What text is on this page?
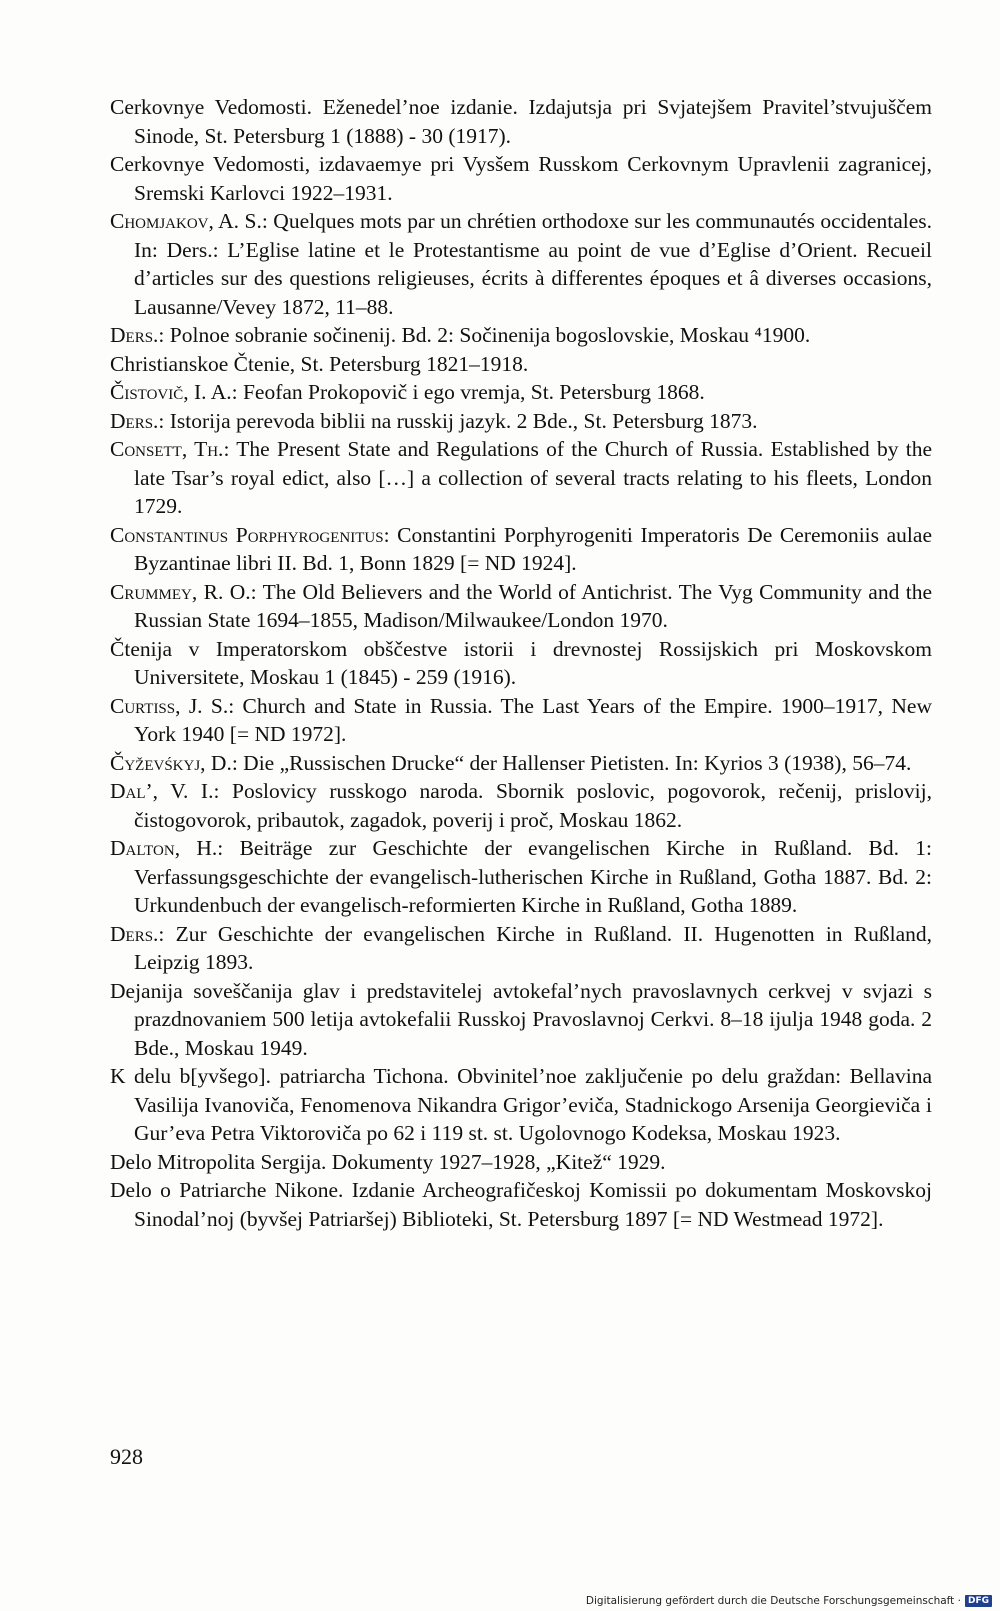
Cerkovnye Vedomosti. Eženedel’noe izdanie. Izdajutsja pri Svjatejšem Pravitel’stvujuščem Sinode, St. Petersburg 1 (1888) - 30 (1917).

Cerkovnye Vedomosti, izdavaemye pri Vysšem Russkom Cerkovnym Upravlenii zagranicej, Sremski Karlovci 1922–1931.

Chomjakov, A. S.: Quelques mots par un chrétien orthodoxe sur les communautés occidentales. In: Ders.: L’Eglise latine et le Protestantisme au point de vue d’Eglise d’Orient. Recueil d’articles sur des questions religieuses, écrits à differentes époques et â diverses occasions, Lausanne/Vevey 1872, 11–88.

Ders.: Polnoe sobranie sočinenij. Bd. 2: Sočinenija bogoslovskie, Moskau ⁴1900.

Christianskoe Čtenie, St. Petersburg 1821–1918.

Čistovič, I. A.: Feofan Prokopovič i ego vremja, St. Petersburg 1868.

Ders.: Istorija perevoda biblii na russkij jazyk. 2 Bde., St. Petersburg 1873.

Consett, Th.: The Present State and Regulations of the Church of Russia. Established by the late Tsar’s royal edict, also […] a collection of several tracts relating to his fleets, London 1729.

Constantinus Porphyrogenitus: Constantini Porphyrogeniti Imperatoris De Ceremoniis aulae Byzantinae libri II. Bd. 1, Bonn 1829 [= ND 1924].

Crummey, R. O.: The Old Believers and the World of Antichrist. The Vyg Community and the Russian State 1694–1855, Madison/Milwaukee/London 1970.

Čtenija v Imperatorskom obščestve istorii i drevnostej Rossijskich pri Moskovskom Universitete, Moskau 1 (1845) - 259 (1916).

Curtiss, J. S.: Church and State in Russia. The Last Years of the Empire. 1900–1917, New York 1940 [= ND 1972].

Čyževśkyj, D.: Die „Russischen Drucke“ der Hallenser Pietisten. In: Kyrios 3 (1938), 56–74.

Dal’, V. I.: Poslovicy russkogo naroda. Sbornik poslovic, pogovorok, rečenij, prislovij, čistogovorok, pribautok, zagadok, poverij i proč, Moskau 1862.

Dalton, H.: Beiträge zur Geschichte der evangelischen Kirche in Rußland. Bd. 1: Verfassungsgeschichte der evangelisch-lutherischen Kirche in Rußland, Gotha 1887. Bd. 2: Urkundenbuch der evangelisch-reformierten Kirche in Rußland, Gotha 1889.

Ders.: Zur Geschichte der evangelischen Kirche in Rußland. II. Hugenotten in Rußland, Leipzig 1893.

Dejanija soveščanija glav i predstavitelej avtokefal’nych pravoslavnych cerkvej v svjazi s prazdnovaniem 500 letija avtokefalii Russkoj Pravoslavnoj Cerkvi. 8–18 ijulja 1948 goda. 2 Bde., Moskau 1949.

K delu b[yvšego]. patriarcha Tichona. Obvinitel’noe zaključenie po delu graždan: Bellavina Vasilija Ivanoviča, Fenomenova Nikandra Grigor’eviča, Stadnickogo Arsenija Georgieviča i Gur’eva Petra Viktoroviča po 62 i 119 st. st. Ugolovnogo Kodeksa, Moskau 1923.

Delo Mitropolita Sergija. Dokumenty 1927–1928, „Kitež“ 1929.

Delo o Patriarche Nikone. Izdanie Archeografičeskoj Komissii po dokumentam Moskovskoj Sinodal’noj (byvšej Patriaršej) Biblioteki, St. Petersburg 1897 [= ND Westmead 1972].

928
Digitalisierung gefördert durch die Deutsche Forschungsgemeinschaft · DFG
